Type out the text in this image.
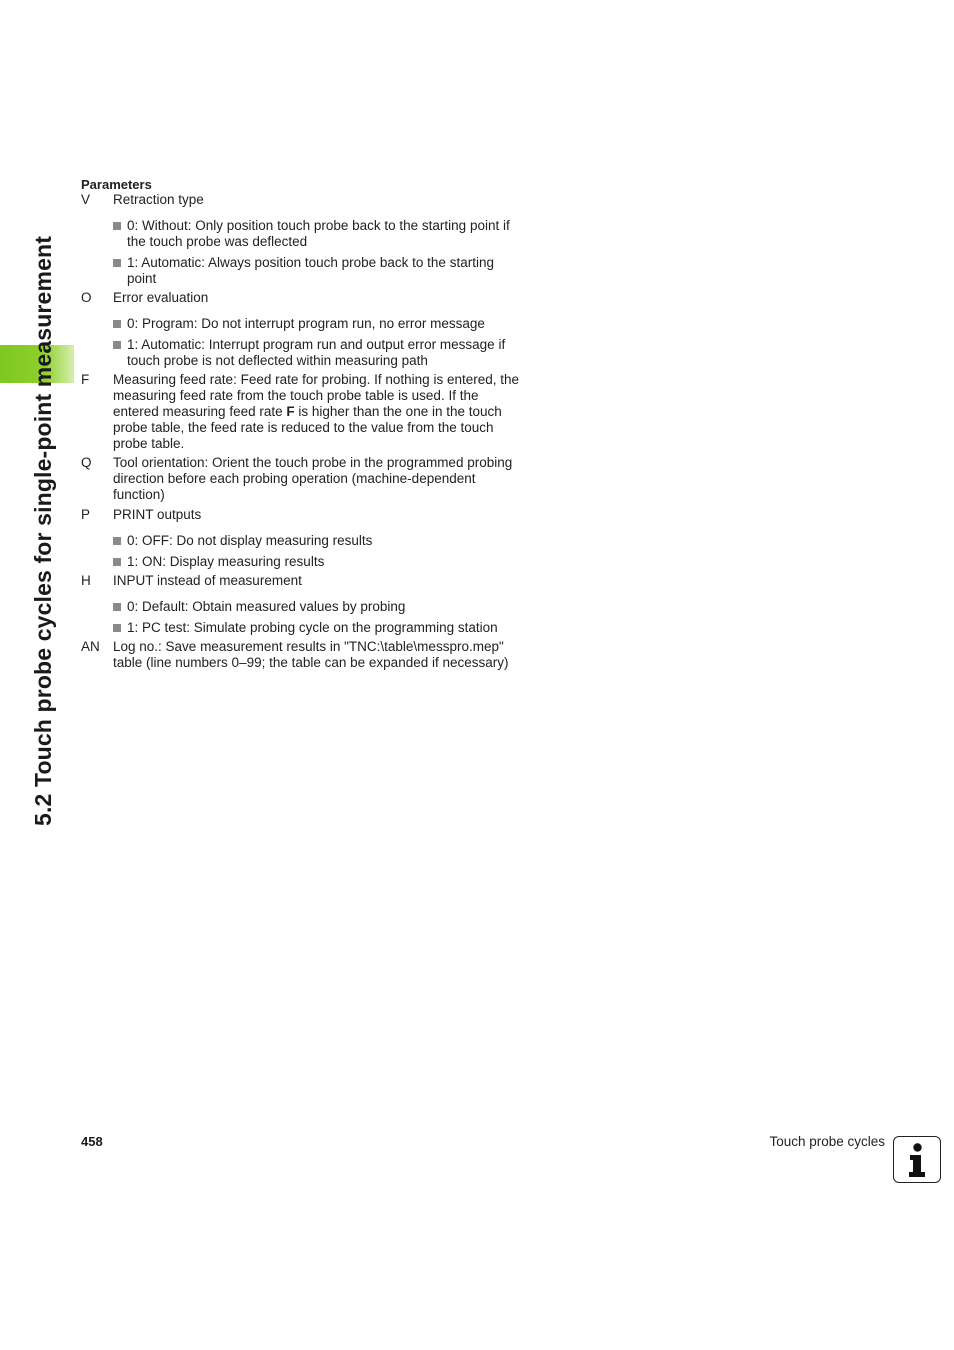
5.2 Touch probe cycles for single-point measurement
Parameters
V Retraction type

0: Without: Only position touch probe back to the starting point if the touch probe was deflected
1: Automatic: Always position touch probe back to the starting point
O Error evaluation

0: Program: Do not interrupt program run, no error message
1: Automatic: Interrupt program run and output error message if touch probe is not deflected within measuring path
F Measuring feed rate: Feed rate for probing. If nothing is entered, the measuring feed rate from the touch probe table is used. If the entered measuring feed rate F is higher than the one in the touch probe table, the feed rate is reduced to the value from the touch probe table.

Q Tool orientation: Orient the touch probe in the programmed probing direction before each probing operation (machine-dependent function)

P PRINT outputs

0: OFF: Do not display measuring results
1: ON: Display measuring results
H INPUT instead of measurement

0: Default: Obtain measured values by probing
1: PC test: Simulate probing cycle on the programming station
AN Log no.: Save measurement results in "TNC:\table\messpro.mep" table (line numbers 0–99; the table can be expanded if necessary)

458	Touch probe cycles
